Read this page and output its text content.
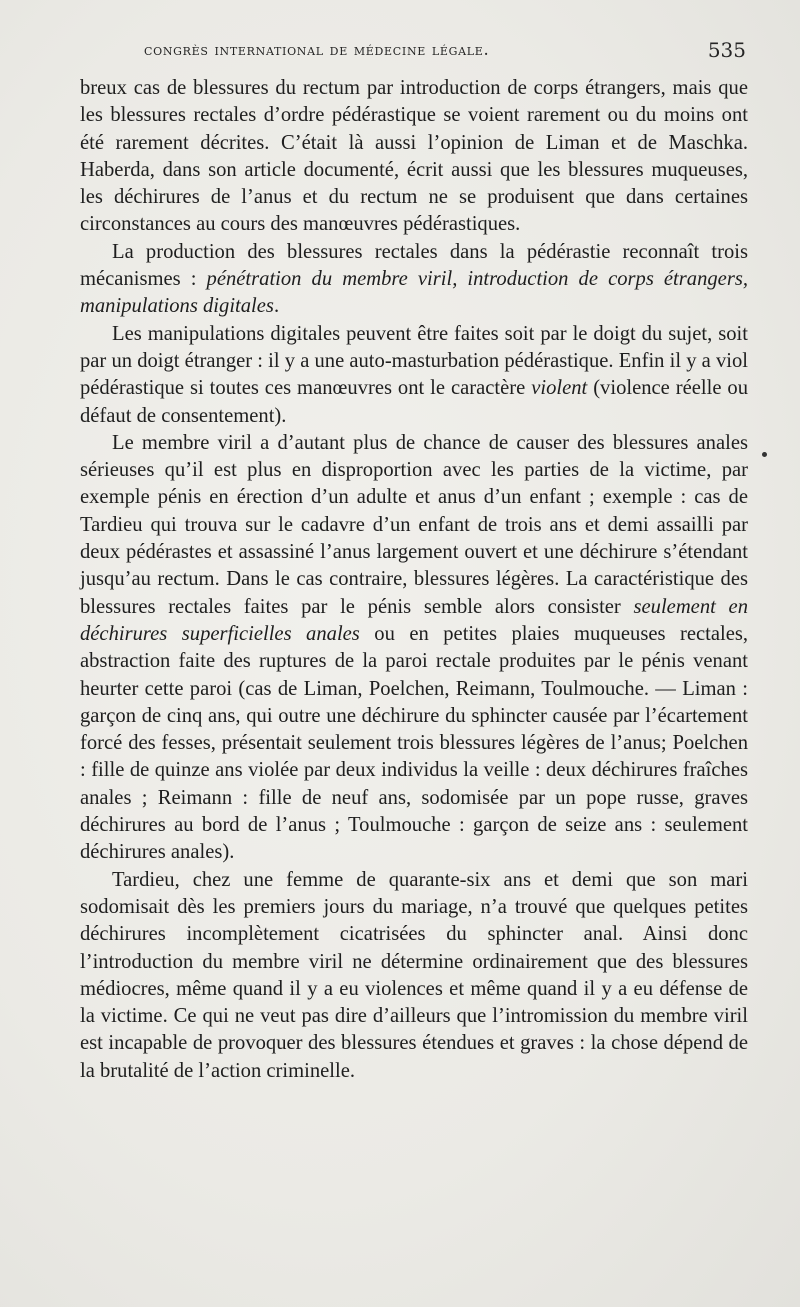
congrès international de médecine légale.	535

breux cas de blessures du rectum par introduction de corps étrangers, mais que les blessures rectales d’ordre pédérastique se voient rarement ou du moins ont été rarement décrites. C’était là aussi l’opinion de Liman et de Maschka. Haberda, dans son article documenté, écrit aussi que les blessures muqueuses, les déchirures de l’anus et du rectum ne se produisent que dans certaines circonstances au cours des manœuvres pédérastiques.

La production des blessures rectales dans la pédérastie reconnaît trois mécanismes : pénétration du membre viril, introduction de corps étrangers, manipulations digitales.

Les manipulations digitales peuvent être faites soit par le doigt du sujet, soit par un doigt étranger : il y a une auto-masturbation pédérastique. Enfin il y a viol pédérastique si toutes ces manœuvres ont le caractère violent (violence réelle ou défaut de consentement).

Le membre viril a d’autant plus de chance de causer des blessures anales sérieuses qu’il est plus en disproportion avec les parties de la victime, par exemple pénis en érection d’un adulte et anus d’un enfant ; exemple : cas de Tardieu qui trouva sur le cadavre d’un enfant de trois ans et demi assailli par deux pédérastes et assassiné l’anus largement ouvert et une déchirure s’étendant jusqu’au rectum. Dans le cas contraire, blessures légères. La caractéristique des blessures rectales faites par le pénis semble alors consister seulement en déchirures superficielles anales ou en petites plaies muqueuses rectales, abstraction faite des ruptures de la paroi rectale produites par le pénis venant heurter cette paroi (cas de Liman, Poelchen, Reimann, Toulmouche. — Liman : garçon de cinq ans, qui outre une déchirure du sphincter causée par l’écartement forcé des fesses, présentait seulement trois blessures légères de l’anus; Poelchen : fille de quinze ans violée par deux individus la veille : deux déchirures fraîches anales ; Reimann : fille de neuf ans, sodomisée par un pope russe, graves déchirures au bord de l’anus ; Toulmouche : garçon de seize ans : seulement déchirures anales).

Tardieu, chez une femme de quarante-six ans et demi que son mari sodomisait dès les premiers jours du mariage, n’a trouvé que quelques petites déchirures incomplètement cicatrisées du sphincter anal. Ainsi donc l’introduction du membre viril ne détermine ordinairement que des blessures médiocres, même quand il y a eu violences et même quand il y a eu défense de la victime. Ce qui ne veut pas dire d’ailleurs que l’intromission du membre viril est incapable de provoquer des blessures étendues et graves : la chose dépend de la brutalité de l’action criminelle.
